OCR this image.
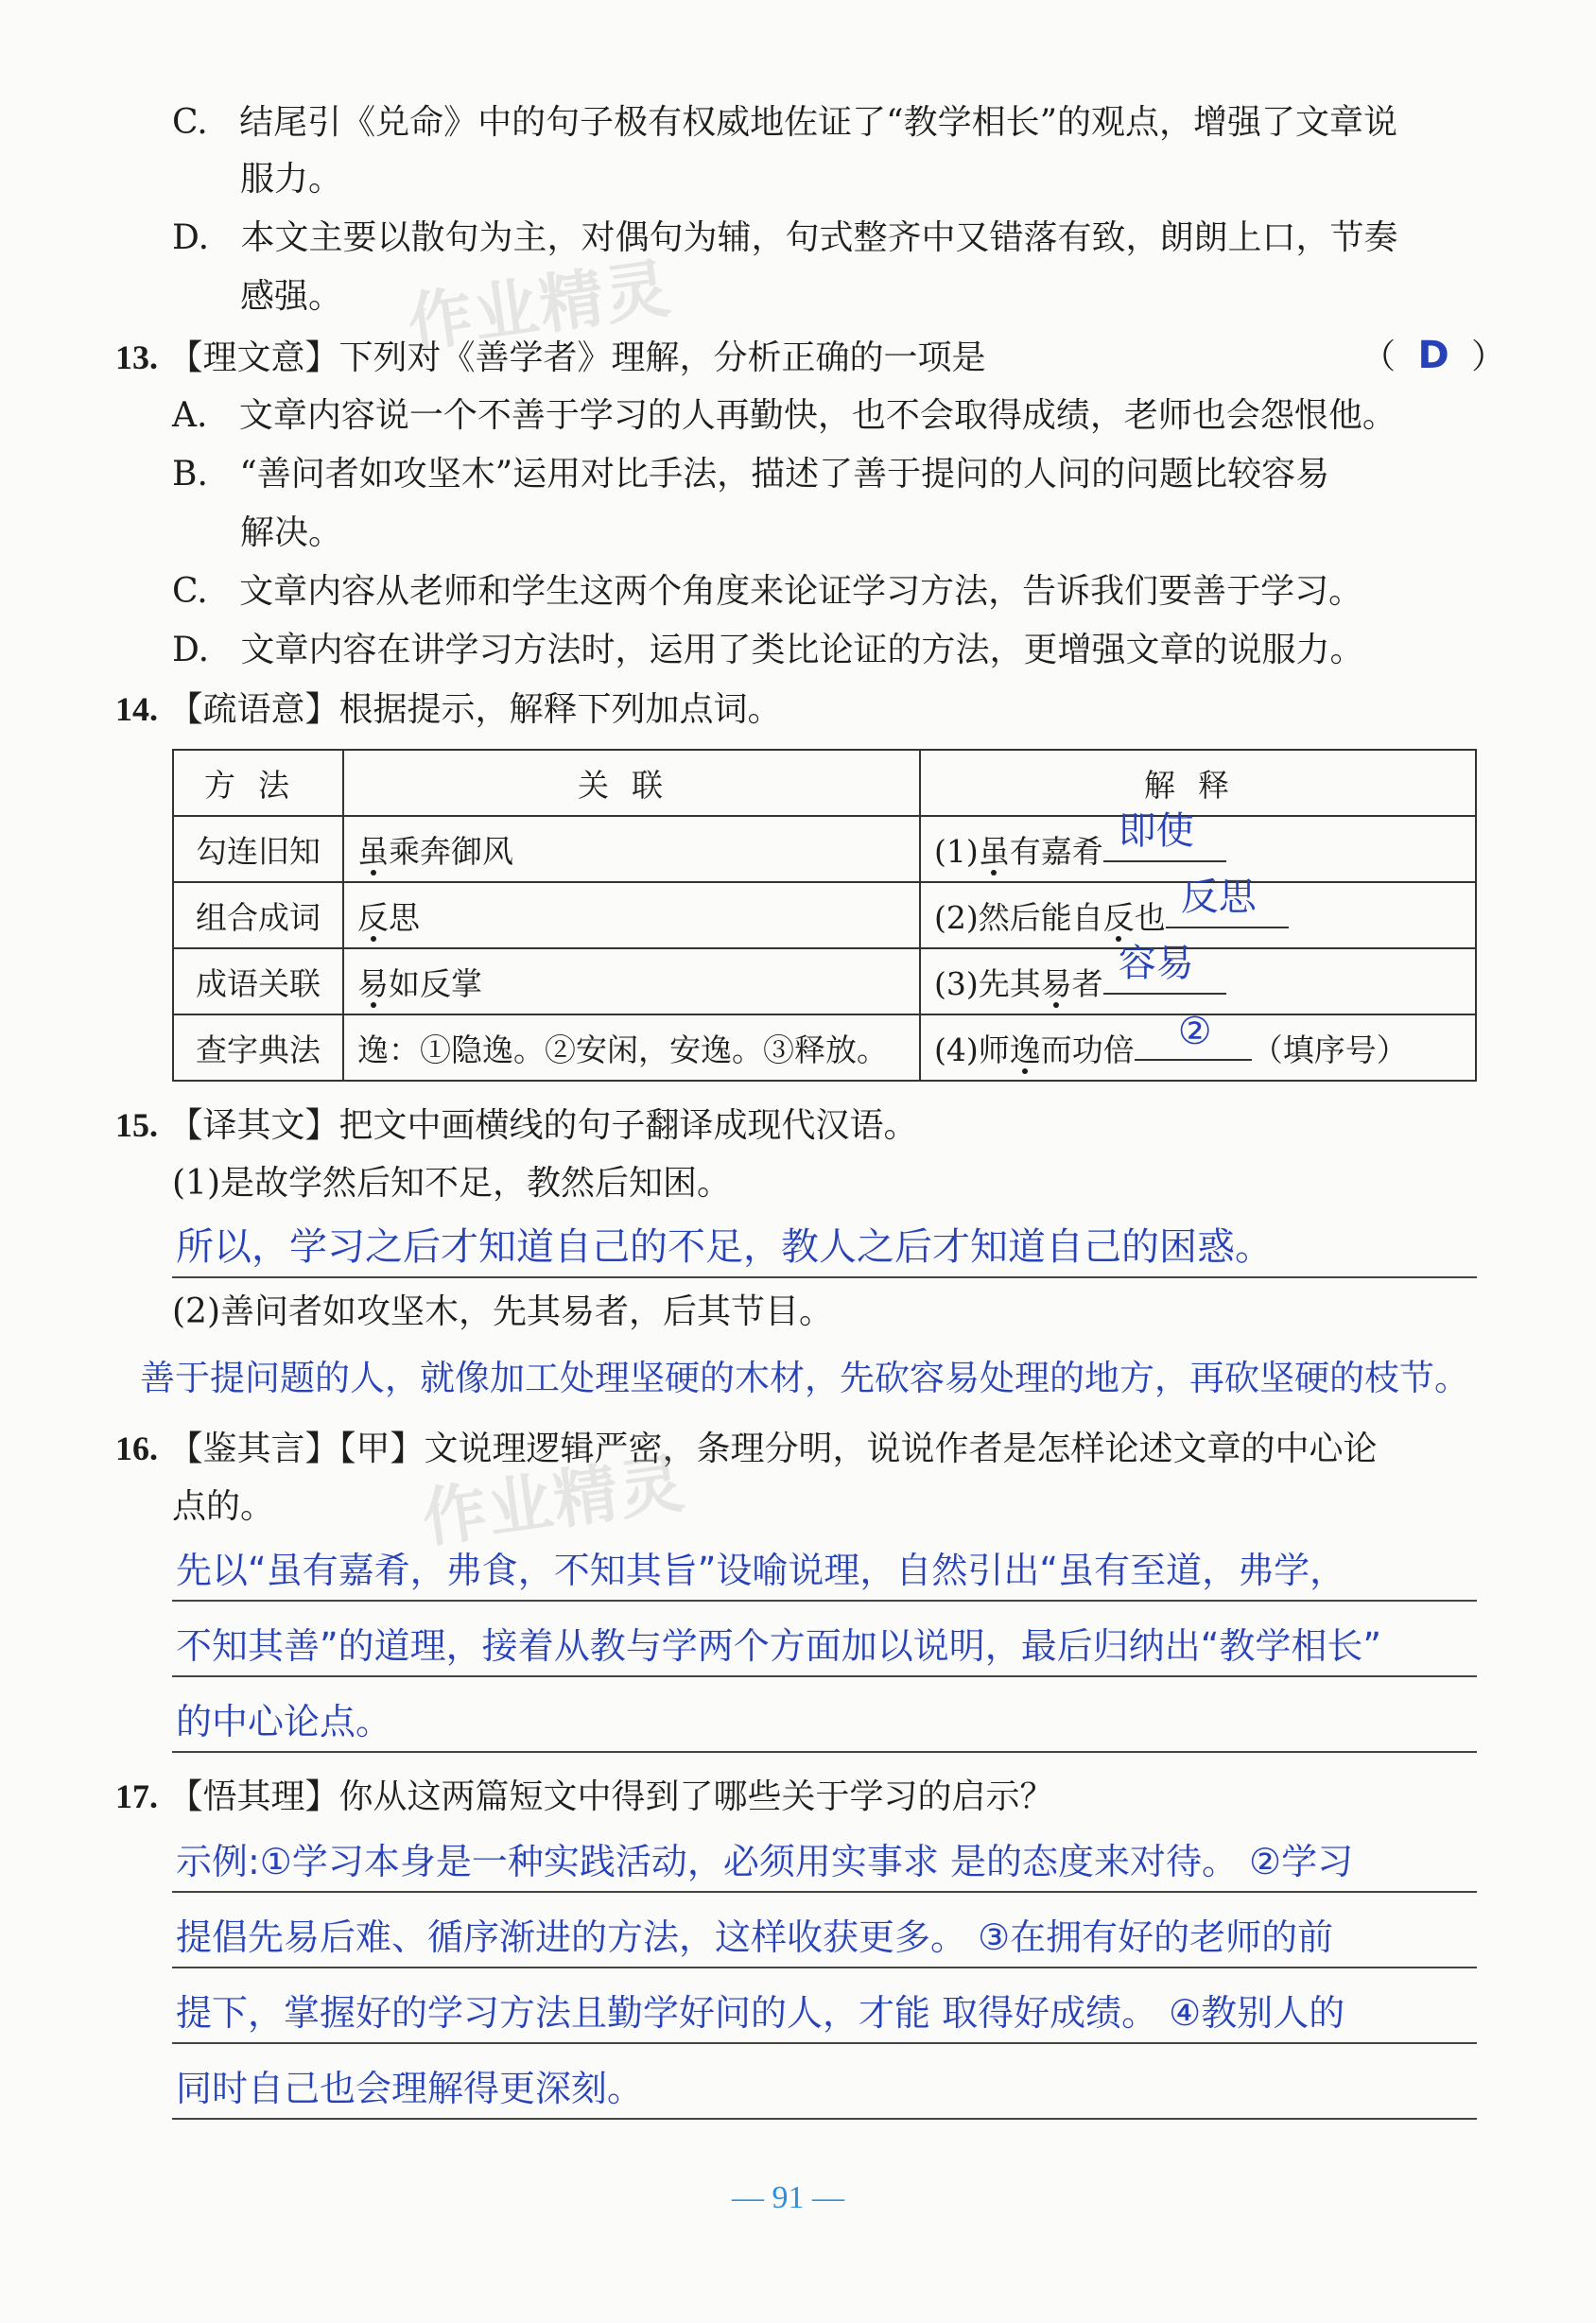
C. 结尾引《兑命》中的句子极有权威地佐证了“教学相长”的观点，增强了文章说
服力。
D. 本文主要以散句为主，对偶句为辅，句式整齐中又错落有致，朗朗上口，节奏
感强。 作业精灵
13. 【理文意】下列对《善学者》理解，分析正确的一项是	（ D ）
A. 文章内容说一个不善于学习的人再勤快，也不会取得成绩，老师也会怨恨他。
B. “善问者如攻坚木”运用对比手法，描述了善于提问的人问的问题比较容易
解决。
C. 文章内容从老师和学生这两个角度来论证学习方法，告诉我们要善于学习。
D. 文章内容在讲学习方法时，运用了类比论证的方法，更增强文章的说服力。
14. 【疏语意】根据提示，解释下列加点词。
方法	关联	解释
勾连旧知	虽乘奔御风	(1)虽有嘉肴 即使

组合成词	反思	(2)然后能自反也 反思

成语关联	易如反掌	(3)先其易者 容易

查字典法	逸：①隐逸。②安闲，安逸。③释放。	(4)师逸而功倍 ② （填序号）
15. 【译其文】把文中画横线的句子翻译成现代汉语。
(1)是故学然后知不足，教然后知困。
所以，学习之后才知道自己的不足，教人之后才知道自己的困惑。
(2)善问者如攻坚木，先其易者，后其节目。
善于提问题的人，就像加工处理坚硬的木材，先砍容易处理的地方，再砍坚硬的枝节。
16. 【鉴其言】【甲】文说理逻辑严密，条理分明，说说作者是怎样论述文章的中心论
点的。 作业精灵
先以“虽有嘉肴，弗食，不知其旨”设喻说理，自然引出“虽有至道，弗学，
不知其善”的道理，接着从教与学两个方面加以说明，最后归纳出“教学相长”
的中心论点。
17. 【悟其理】你从这两篇短文中得到了哪些关于学习的启示？
示例:①学习本身是一种实践活动，必须用实事求 是的态度来对待。 ②学习
提倡先易后难、循序渐进的方法，这样收获更多。 ③在拥有好的老师的前
提下，掌握好的学习方法且勤学好问的人，才能 取得好成绩。 ④教别人的
同时自己也会理解得更深刻。
— 91 —
